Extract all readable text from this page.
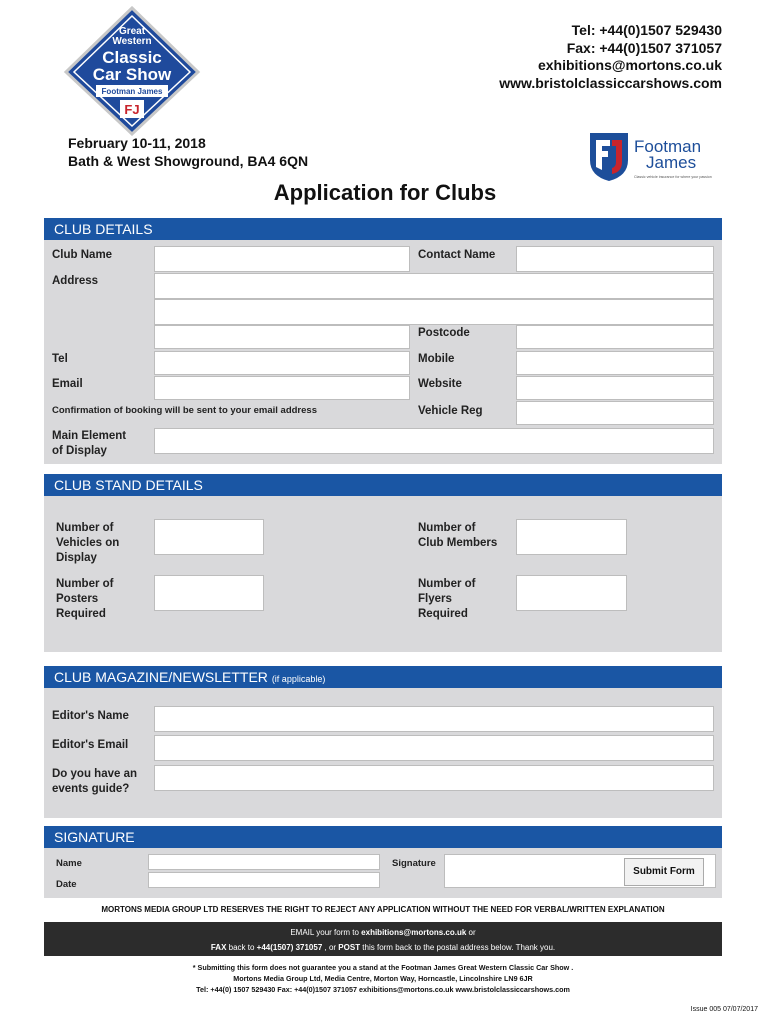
Great
Western
Classic
Car Show
Footman James
FJ
Tel: +44(0)1507 529430
Fax: +44(0)1507 371057
exhibitions@mortons.co.uk
www.bristolclassiccarshows.com
February 10-11, 2018
Bath & West Showground, BA4 6QN
Footman
James
Classic vehicle insurance for where your passion
Application for Clubs
CLUB DETAILS
Club Name	Contact Name
Address
Postcode
Tel	Mobile
Email	Website
Confirmation of booking will be sent to your email address	Vehicle Reg
Main Element
of Display
CLUB STAND DETAILS
Number of
Vehicles on
Display
Number of
Club Members
Number of
Posters
Required
Number of
Flyers
Required
CLUB MAGAZINE/NEWSLETTER (if applicable)
Editor's Name
Editor's Email
Do you have an
events guide?
SIGNATURE
Name
Date
Signature
Submit Form
MORTONS MEDIA GROUP LTD RESERVES THE RIGHT TO REJECT ANY APPLICATION WITHOUT THE NEED FOR VERBAL/WRITTEN EXPLANATION
EMAIL your form to exhibitions@mortons.co.uk or
FAX back to +44(1507) 371057 , or POST this form back to the postal address below. Thank you.
* Submitting this form does not guarantee you a stand at the Footman James Great Western Classic Car Show .
Mortons Media Group Ltd, Media Centre, Morton Way, Horncastle, Lincolnshire LN9 6JR
Tel: +44(0) 1507 529430 Fax: +44(0)1507 371057 exhibitions@mortons.co.uk www.bristolclassiccarshows.com
Issue 005 07/07/2017
